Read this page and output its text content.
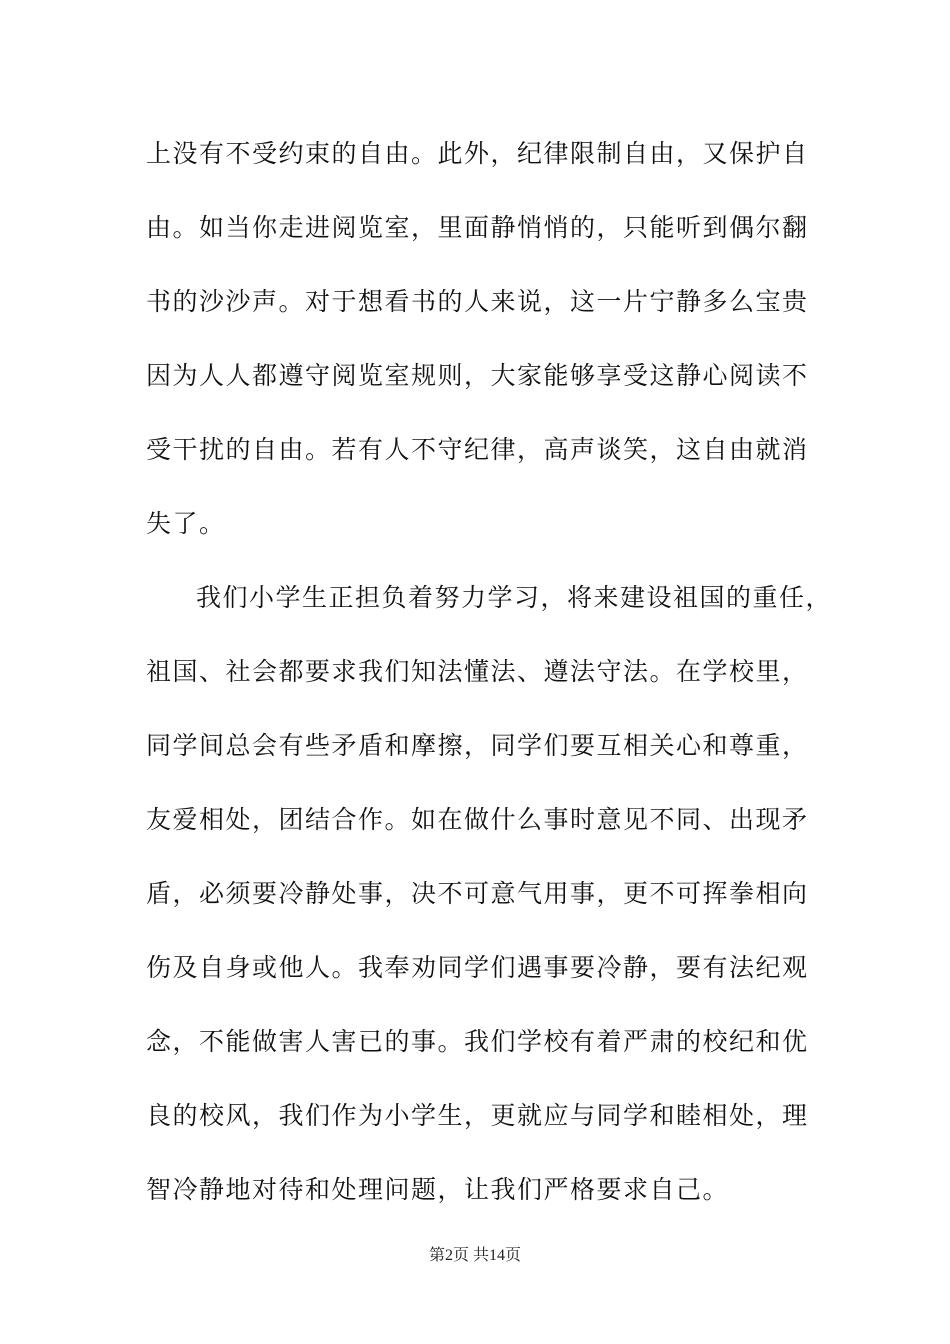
上没有不受约束的自由。此外，纪律限制自由，又保护自
由。如当你走进阅览室，里面静悄悄的，只能听到偶尔翻
书的沙沙声。对于想看书的人来说，这一片宁静多么宝贵
因为人人都遵守阅览室规则，大家能够享受这静心阅读不
受干扰的自由。若有人不守纪律，高声谈笑，这自由就消
失了。
我们小学生正担负着努力学习，将来建设祖国的重任，
祖国、社会都要求我们知法懂法、遵法守法。在学校里，
同学间总会有些矛盾和摩擦，同学们要互相关心和尊重，
友爱相处，团结合作。如在做什么事时意见不同、出现矛
盾，必须要冷静处事，决不可意气用事，更不可挥拳相向
伤及自身或他人。我奉劝同学们遇事要冷静，要有法纪观
念，不能做害人害已的事。我们学校有着严肃的校纪和优
良的校风，我们作为小学生，更就应与同学和睦相处，理
智冷静地对待和处理问题，让我们严格要求自己。
第2页 共14页
